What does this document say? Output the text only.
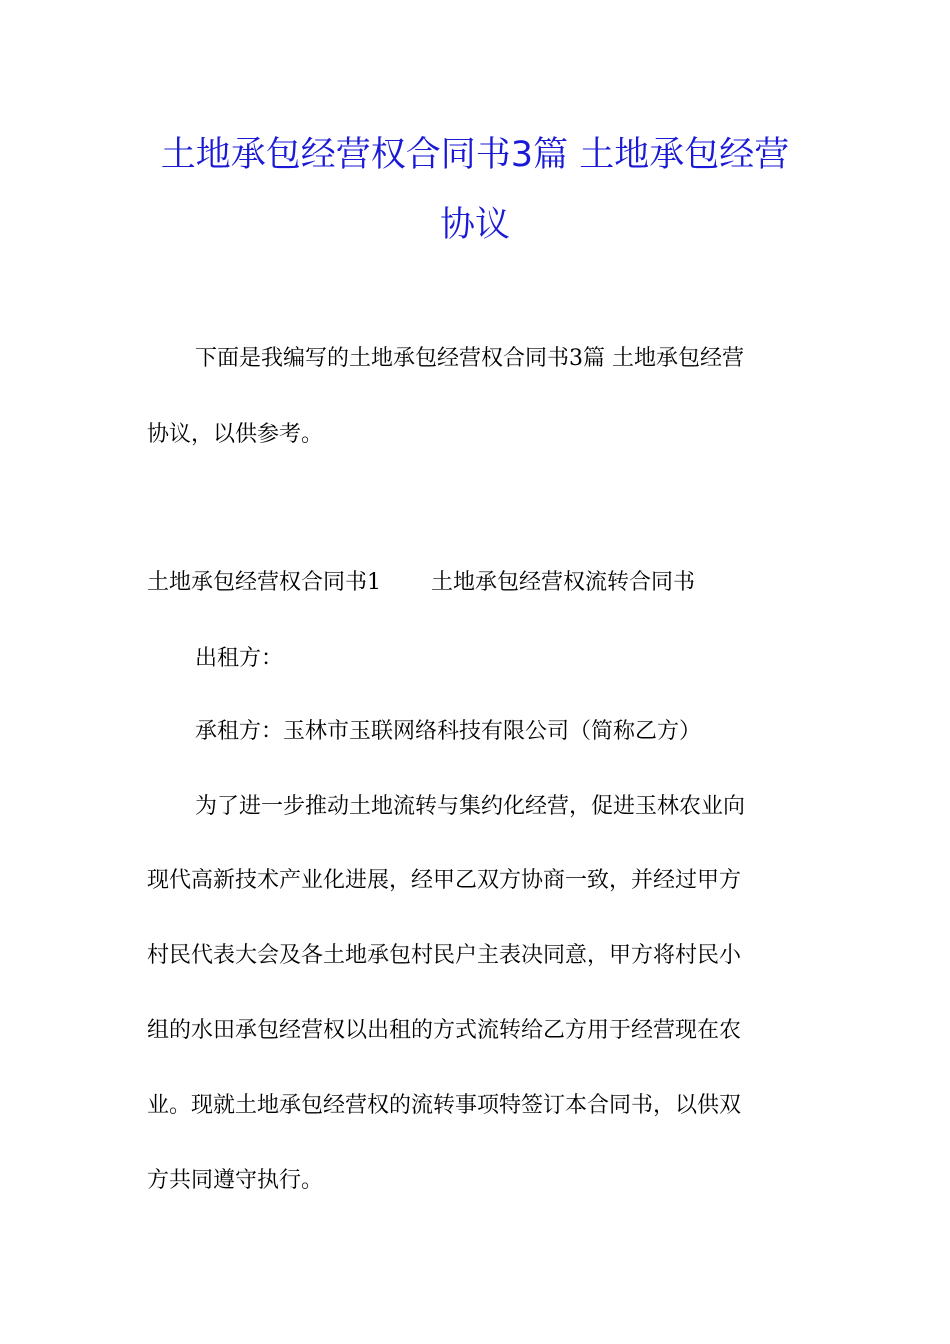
土地承包经营权合同书3篇 土地承包经营
协议
下面是我编写的土地承包经营权合同书3篇 土地承包经营
协议，以供参考。
土地承包经营权合同书1 土地承包经营权流转合同书
出租方：
承租方：玉林市玉联网络科技有限公司（简称乙方）
为了进一步推动土地流转与集约化经营，促进玉林农业向
现代高新技术产业化进展，经甲乙双方协商一致，并经过甲方
村民代表大会及各土地承包村民户主表决同意，甲方将村民小
组的水田承包经营权以出租的方式流转给乙方用于经营现在农
业。现就土地承包经营权的流转事项特签订本合同书，以供双
方共同遵守执行。
